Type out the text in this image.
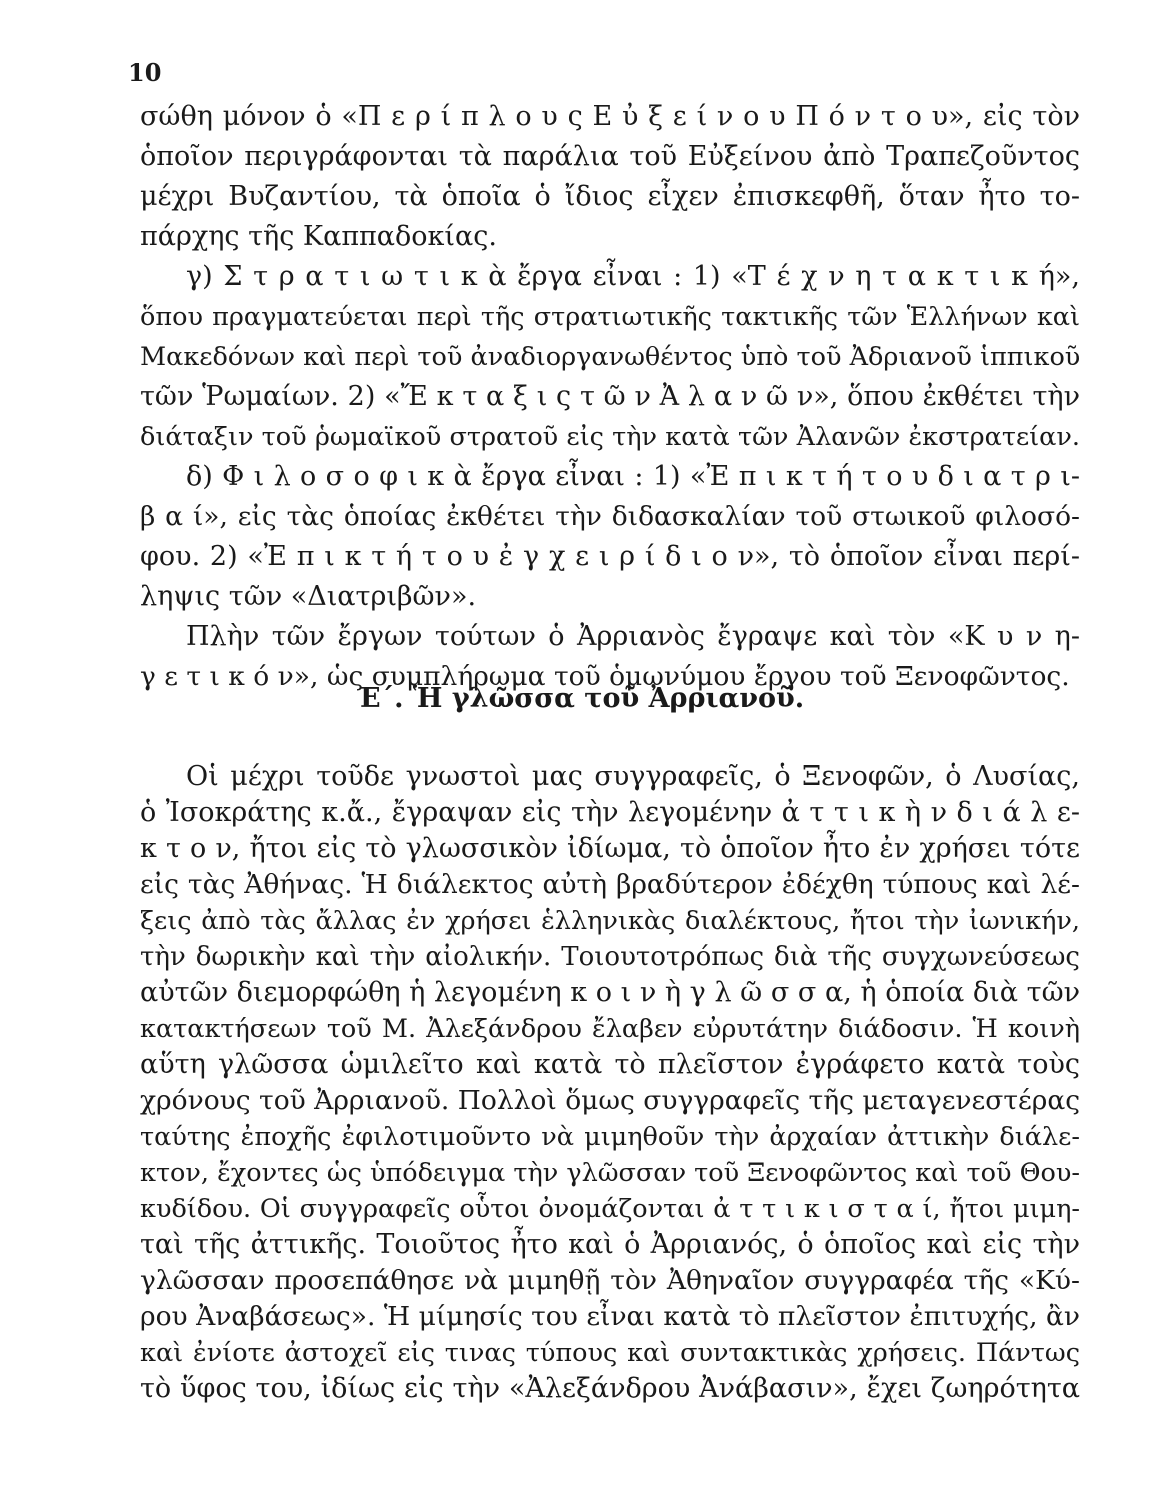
10
σώθη μόνον ὁ «Π ε ρ ί π λ ο υ ς Ε ὐ ξ ε ί ν ο υ Π ό ν τ ο υ», εἰς τὸν
ὁποῖον περιγράφονται τὰ παράλια τοῦ Εὐξείνου ἀπὸ Τραπεζοῦντος
μέχρι Βυζαντίου, τὰ ὁποῖα ὁ ἴδιος εἶχεν ἐπισκεφθῆ, ὅταν ἦτο το-
πάρχης τῆς Καππαδοκίας.
γ) Σ τ ρ α τ ι ω τ ι κ ὰ ἔργα εἶναι : 1) «Τ έ χ ν η τ α κ τ ι κ ή»,
ὅπου πραγματεύεται περὶ τῆς στρατιωτικῆς τακτικῆς τῶν Ἑλλήνων καὶ
Μακεδόνων καὶ περὶ τοῦ ἀναδιοργανωθέντος ὑπὸ τοῦ Ἀδριανοῦ ἱππικοῦ
τῶν Ῥωμαίων. 2) «Ἔ κ τ α ξ ι ς τ ῶ ν Ἀ λ α ν ῶ ν», ὅπου ἐκθέτει τὴν
διάταξιν τοῦ ῥωμαϊκοῦ στρατοῦ εἰς τὴν κατὰ τῶν Ἀλανῶν ἐκστρατείαν.
δ) Φ ι λ ο σ ο φ ι κ ὰ ἔργα εἶναι : 1) «Ἐ π ι κ τ ή τ ο υ δ ι α τ ρ ι-
β α ί», εἰς τὰς ὁποίας ἐκθέτει τὴν διδασκαλίαν τοῦ στωικοῦ φιλοσό-
φου. 2) «Ἐ π ι κ τ ή τ ο υ ἐ γ χ ε ι ρ ί δ ι ο ν», τὸ ὁποῖον εἶναι περί-
ληψις τῶν «Διατριβῶν».
Πλὴν τῶν ἔργων τούτων ὁ Ἀρριανὸς ἔγραψε καὶ τὸν «Κ υ ν η-
γ ε τ ι κ ό ν», ὡς συμπλήρωμα τοῦ ὁμωνύμου ἔργου τοῦ Ξενοφῶντος.
Ε΄. Ἡ γλῶσσα τοῦ Ἀρριανοῦ.
Οἱ μέχρι τοῦδε γνωστοὶ μας συγγραφεῖς, ὁ Ξενοφῶν, ὁ Λυσίας,
ὁ Ἰσοκράτης κ.ἄ., ἔγραψαν εἰς τὴν λεγομένην ἀ τ τ ι κ ὴ ν δ ι ά λ ε-
κ τ ο ν, ἤτοι εἰς τὸ γλωσσικὸν ἰδίωμα, τὸ ὁποῖον ἦτο ἐν χρήσει τότε
εἰς τὰς Ἀθήνας. Ἡ διάλεκτος αὐτὴ βραδύτερον ἐδέχθη τύπους καὶ λέ-
ξεις ἀπὸ τὰς ἄλλας ἐν χρήσει ἑλληνικὰς διαλέκτους, ἤτοι τὴν ἰωνικήν,
τὴν δωρικὴν καὶ τὴν αἰολικήν. Τοιουτοτρόπως διὰ τῆς συγχωνεύσεως
αὐτῶν διεμορφώθη ἡ λεγομένη κ ο ι ν ὴ γ λ ῶ σ σ α, ἡ ὁποία διὰ τῶν
κατακτήσεων τοῦ Μ. Ἀλεξάνδρου ἔλαβεν εὐρυτάτην διάδοσιν. Ἡ κοινὴ
αὕτη γλῶσσα ὡμιλεῖτο καὶ κατὰ τὸ πλεῖστον ἐγράφετο κατὰ τοὺς
χρόνους τοῦ Ἀρριανοῦ. Πολλοὶ ὅμως συγγραφεῖς τῆς μεταγενεστέρας
ταύτης ἐποχῆς ἐφιλοτιμοῦντο νὰ μιμηθοῦν τὴν ἀρχαίαν ἀττικὴν διάλε-
κτον, ἔχοντες ὡς ὑπόδειγμα τὴν γλῶσσαν τοῦ Ξενοφῶντος καὶ τοῦ Θου-
κυδίδου. Οἱ συγγραφεῖς οὗτοι ὀνομάζονται ἀ τ τ ι κ ι σ τ α ί, ἤτοι μιμη-
ταὶ τῆς ἀττικῆς. Τοιοῦτος ἦτο καὶ ὁ Ἀρριανός, ὁ ὁποῖος καὶ εἰς τὴν
γλῶσσαν προσεπάθησε νὰ μιμηθῇ τὸν Ἀθηναῖον συγγραφέα τῆς «Κύ-
ρου Ἀναβάσεως». Ἡ μίμησίς του εἶναι κατὰ τὸ πλεῖστον ἐπιτυχής, ἂν
καὶ ἐνίοτε ἀστοχεῖ εἰς τινας τύπους καὶ συντακτικὰς χρήσεις. Πάντως
τὸ ὕφος του, ἰδίως εἰς τὴν «Ἀλεξάνδρου Ἀνάβασιν», ἔχει ζωηρότητα
